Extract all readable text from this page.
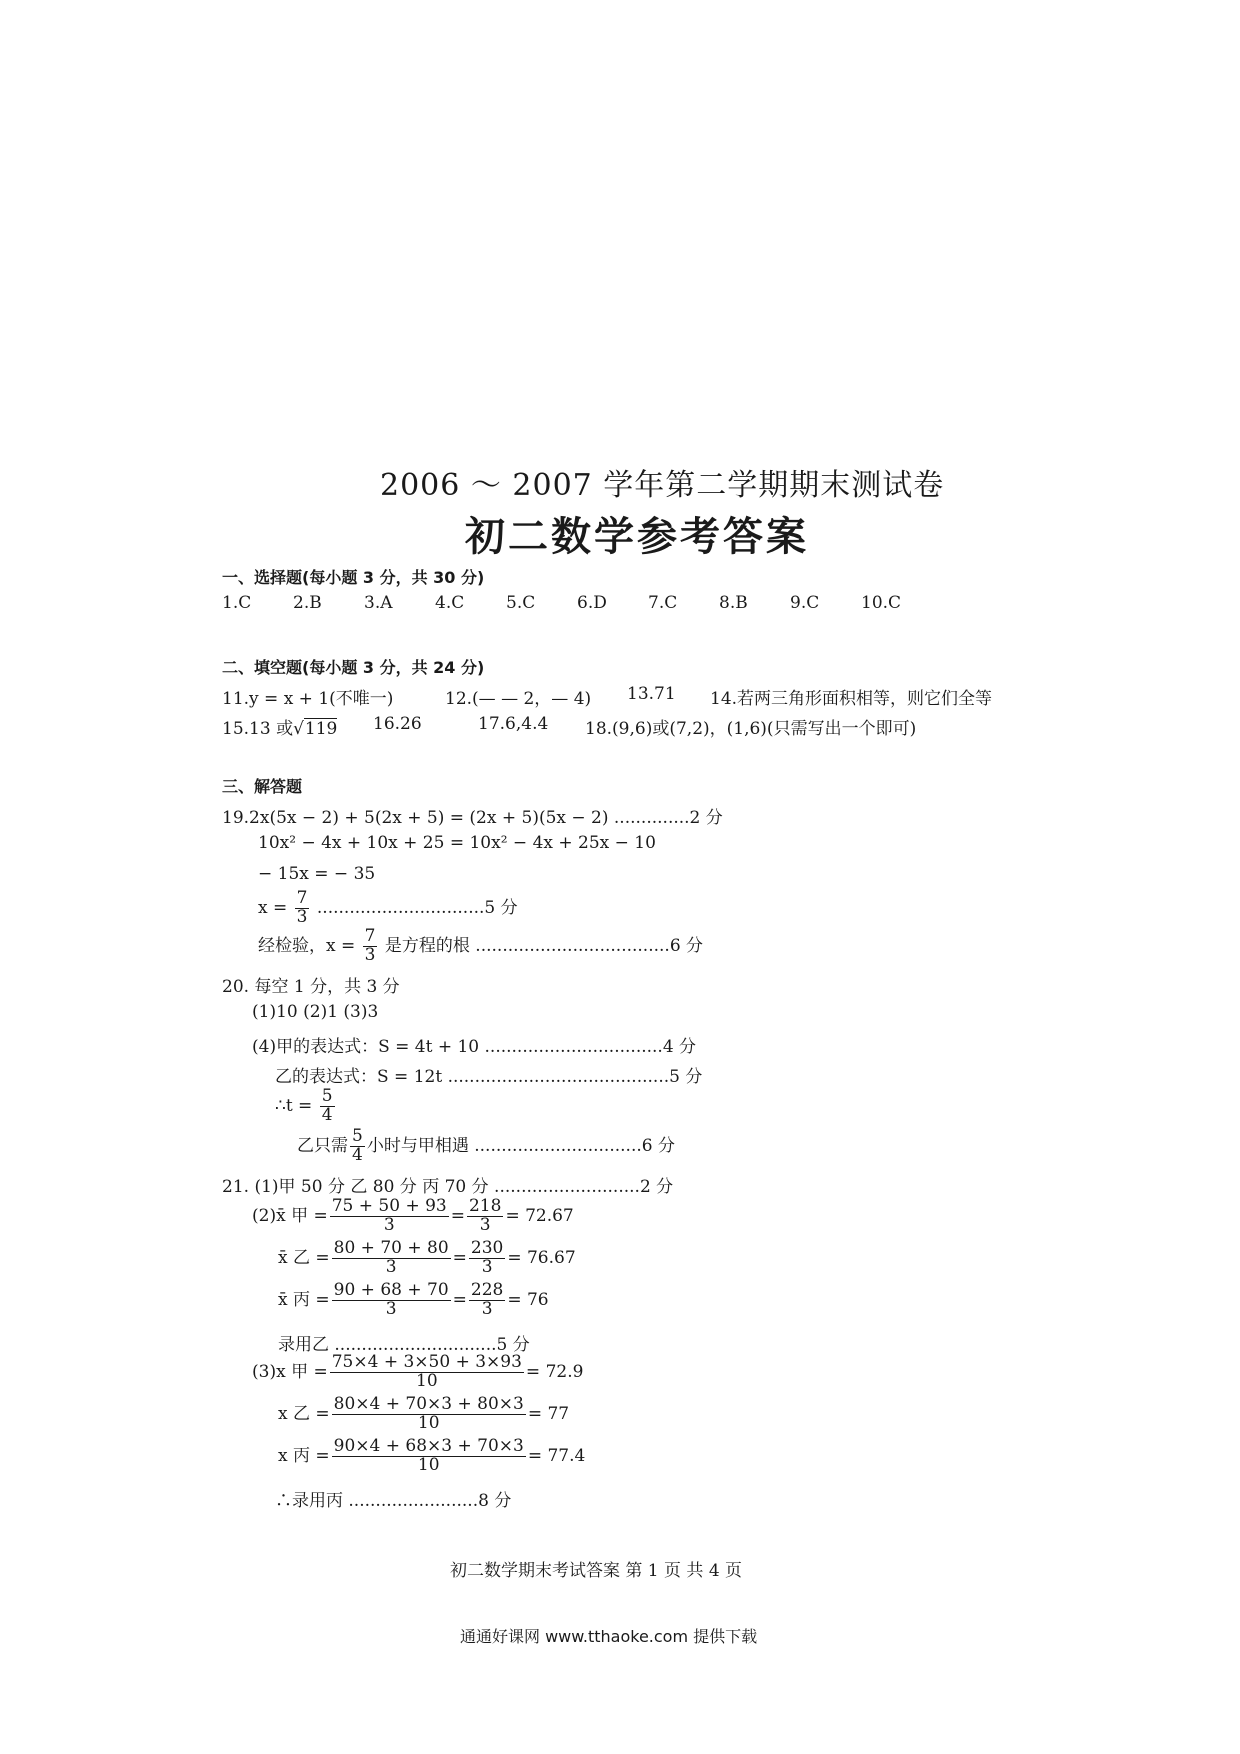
2006 ～ 2007 学年第二学期期末测试卷
初二数学参考答案
一、选择题(每小题 3 分，共 30 分)
1.C 2.B 3.A	4.C 5.C 6.D 7.C 8.B 9.C 10.C
二、填空题(每小题 3 分，共 24 分)
11.y = x + 1(不唯一)	12.(— — 2，— 4) 13.71 14.若两三角形面积相等，则它们全等
15.13 或√119 16.26	17.6,4.4 18.(9,6)或(7,2)，(1,6)(只需写出一个即可)
三、解答题
19.2x(5x − 2) + 5(2x + 5) = (2x + 5)(5x − 2) ..............2 分
10x² − 4x + 10x + 25 = 10x² − 4x + 25x − 10
− 15x = − 35
$x = \frac{7}{3} ...............................5$ 分
经检验，$x = \frac{7}{3}$ 是方程的根 ....................................6 分
20. 每空 1 分，共 3 分
(1)10 (2)1 (3)3
(4)甲的表达式：S = 4t + 10 .................................4 分
乙的表达式：S = 12t .........................................5 分
∴t = $\frac{5}{4}$
乙只需 $\frac{5}{4}$ 小时与甲相遇 ...............................6 分
21. (1)甲 50 分 乙 80 分 丙 70 分 ...........................2 分
(2)x̄ 甲 = $\frac{75 + 50 + 93}{3} = \frac{218}{3} = 72.67$
x̄ 乙 = $\frac{80 + 70 + 80}{3} = \frac{230}{3} = 76.67$
x̄ 丙 = $\frac{90 + 68 + 70}{3} = \frac{228}{3} = 76$
录用乙 ..............................5 分
(3)x 甲 = $\frac{75\times 4 + 3\times 50 + 3\times 93}{10} = 72.9$
x 乙 = $\frac{80\times 4 + 70\times 3 + 80\times 3}{10} = 77$
x 丙 = $\frac{90\times 4 + 68\times 3 + 70\times 3}{10} = 77.4$
∴录用丙 ........................8 分
初二数学期末考试答案 第 1 页 共 4 页
通通好课网 www.tthaoke.com 提供下载
